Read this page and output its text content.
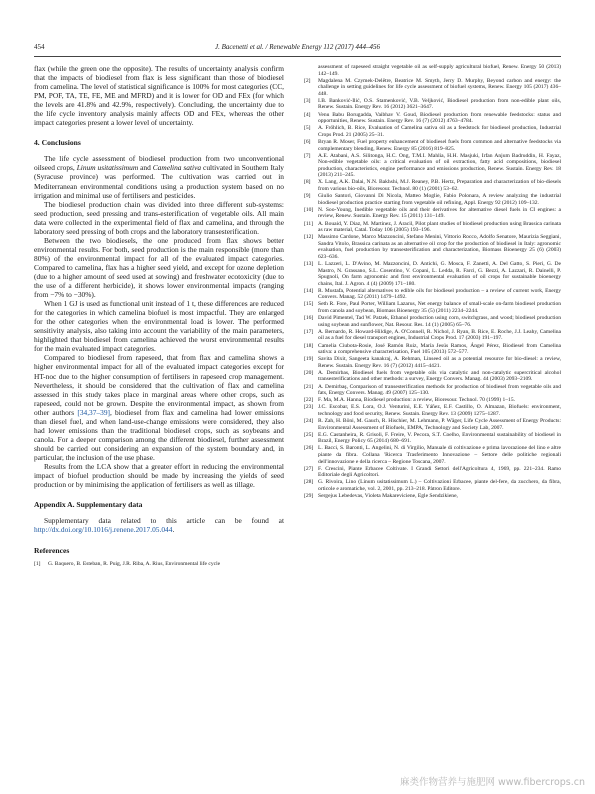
454	J. Bacenetti et al. / Renewable Energy 112 (2017) 444–456

flax (while the green one the opposite). The results of uncertainty analysis confirm that the impacts of biodiesel from flax is less significant than those of biodiesel from camelina. The level of statistical significance is 100% for most categories (CC, PM, POF, TA, TE, FE, ME and MFRD) and it is lower for OD and FEx (for which the levels are 41.8% and 42.9%, respectively). Concluding, the uncertainty due to the life cycle inventory analysis mainly affects OD and FEx, whereas the other impact categories present a lower level of uncertainty.

4. Conclusions

The life cycle assessment of biodiesel production from two unconventional oilseed crops, Linum usitatissimum and Camelina sativa cultivated in Southern Italy (Syracuse province) was performed. The cultivation was carried out in Mediterranean environmental conditions using a production system based on no irrigation and minimal use of fertilisers and pesticides.

The biodiesel production chain was divided into three different sub-systems: seed production, seed pressing and trans-esterification of vegetable oils. All main data were collected in the experimental field of flax and camelina, and through the laboratory seed pressing of both crops and the laboratory transesterification.

Between the two biodiesels, the one produced from flax shows better environmental results. For both, seed production is the main responsible (more than 80%) of the environmental impact for all of the evaluated impact categories. Compared to camelina, flax has a higher seed yield, and except for ozone depletion (due to a higher amount of seed used at sowing) and freshwater ecotoxicity (due to the use of a different herbicide), it shows lower environmental impacts (ranging from −7% to −30%).

When 1 GJ is used as functional unit instead of 1 t, these differences are reduced for the categories in which camelina biofuel is most impactful. They are enlarged for the other categories when the environmental load is lower. The performed sensitivity analysis, also taking into account the variability of the main parameters, highlighted that biodiesel from camelina achieved the worst environmental results for the main evaluated impact categories.

Compared to biodiesel from rapeseed, that from flax and camelina shows a higher environmental impact for all of the evaluated impact categories except for HT-noc due to the higher consumption of fertilisers in rapeseed crop management. Nevertheless, it should be considered that the cultivation of flax and camelina assessed in this study takes place in marginal areas where other crops, such as rapeseed, could not be grown. Despite the environmental impact, as shown from other authors [34,37–39], biodiesel from flax and camelina had lower emissions than diesel fuel, and when land-use-change emissions were considered, they also had lower emissions than the traditional biodiesel crops, such as soybeans and canola. For a deeper comparison among the different biodiesel, further assessment should be carried out considering an expansion of the system boundary and, in particular, the inclusion of the use phase.

Results from the LCA show that a greater effort in reducing the environmental impact of biofuel production should be made by increasing the yields of seed production or by minimising the application of fertilisers as well as tillage.

Appendix A. Supplementary data

Supplementary data related to this article can be found at http://dx.doi.org/10.1016/j.renene.2017.05.044.

References
[1] G. Baquero, B. Esteban, R. Puig, J.R. Riba, A. Rius, Environmental life cycle
assessment of rapeseed straight vegetable oil as self-supply agricultural biofuel, Renew. Energy 50 (2013) 142–149.
[2] Magdalena M. Czymek-Delêtre, Beatrice M. Smyth, Jerry D. Murphy, Beyond carbon and energy: the challenge in setting guidelines for life cycle assessment of biofuel systems, Renew. Energy 105 (2017) 436–448.
[3] I.B. Banković-Ilić, O.S. Stamenković, V.B. Veljković, Biodiesel production from non-edible plant oils, Renew. Sustain. Energy Rev. 16 (2012) 3621–3647.
[4] Venu Babu Borugadda, Vaibhav V. Goud, Biodiesel production from renewable feedstocks: status and opportunities, Renew. Sustain. Energy Rev. 16 (7) (2012) 4763–4784.
[5] A. Fröhlich, B. Rice, Evaluation of Camelina sativa oil as a feedstock for biodiesel production, Industrial Crops Prod. 21 (2005) 25–31.
[6] Bryan R. Moser, Fuel property enhancement of biodiesel fuels from common and alternative feedstocks via complementary blending, Renew. Energy 85 (2016) 819–825.
[7] A.E. Atabani, A.S. Silitonga, H.C. Ong, T.M.I. Mahlia, H.H. Masjuki, Irfan Anjum Badruddin, H. Fayaz, Non-edible vegetable oils: a critical evaluation of oil extraction, fatty acid compositions, biodiesel production, characteristics, engine performance and emissions production, Renew. Sustain. Energy Rev. 18 (2013) 211–245.
[8] X. Lang, A.K. Dalai, N.N. Bakhshi, M.J. Reaney, P.B. Hertz, Preparation and characterization of bio-diesels from various bio-oils, Bioresour. Technol. 80 (1) (2001) 53–62.
[9] Giulio Santori, Giovanni Di Nicola, Matteo Moglie, Fabio Polonara, A review analyzing the industrial biodiesel production practice starting from vegetable oil refining, Appl. Energy 92 (2012) 109–132.
[10] N. Soo-Young, Inedible vegetable oils and their derivatives for alternative diesel fuels in CI engines: a review, Renew. Sustain. Energy Rev. 15 (2011) 131–149.
[11] A. Bouaid, Y. Diaz, M. Martinez, J. Aracil, Pilot plant studies of biodiesel production using Brassica carinata as raw material, Catal. Today 106 (2005) 193–196.
[12] Massimo Cardone, Marco Mazzoncini, Stefano Menini, Vittorio Rocco, Adolfo Senatore, Maurizia Seggiani, Sandra Vitolo, Brassica carinata as an alternative oil crop for the production of biodiesel in Italy: agronomic evaluation, fuel production by transesterification and characterization, Biomass Bioenergy 25 (6) (2003) 623–636.
[13] L. Lazzeri, L. D'Avino, M. Mazzoncini, D. Antichi, G. Mosca, F. Zanetti, A. Del Gatto, S. Pieri, G. De Mastro, N. Grassano, S.L. Cosentino, V. Copani, L. Ledda, R. Farci, G. Bezzi, A. Lazzari, R. Dainelli, P. Spugnoli, On farm agronomic and first environmental evaluation of oil crops for sustainable bioenergy chains, Ital. J. Agron. 4 (4) (2009) 171–180.
[14] R. Mustafa, Potential alternatives to edible oils for biodiesel production – a review of current work, Energy Convers. Manag. 52 (2011) 1479–1492.
[15] Seth R. Fore, Paul Porter, William Lazarus, Net energy balance of small-scale on-farm biodiesel production from canola and soybean, Biomass Bioenergy 35 (5) (2011) 2234–2244.
[16] David Pimentel, Tad W. Patzek, Ethanol production using corn, switchgrass, and wood; biodiesel production using soybean and sunflower, Nat. Resour. Res. 14 (1) (2005) 65–76.
[17] A. Bernardo, R. Howard-Hildige, A. O'Connell, R. Nichol, J. Ryan, B. Rice, E. Roche, J.J. Leahy, Camelina oil as a fuel for diesel transport engines, Industrial Crops Prod. 17 (2003) 191–197.
[18] Camelia Ciubota-Rosie, José Ramón Ruiz, María Jesús Ramos, Ángel Pérez, Biodiesel from Camelina sativa: a comprehensive characterisation, Fuel 105 (2013) 572–577.
[19] Savita Dixit, Sangeeta kanakraj, A. Rehman, Linseed oil as a potential resource for bio-diesel: a review, Renew. Sustain. Energy Rev. 16 (7) (2012) 4415–4421.
[20] A. Demirbas, Biodiesel fuels from vegetable oils via catalytic and non-catalytic supercritical alcohol transesterifications and other methods: a survey, Energy Convers. Manag. 44 (2003) 2093–2109.
[21] A. Demirbaş, Comparison of transesterification methods for production of biodiesel from vegetable oils and fats, Energy Convers. Manag. 49 (2007) 125–130.
[22] F. Ma, M.A. Hanna, Biodiesel production: a review, Bioresour. Technol. 70 (1999) 1–15.
[23] J.C. Escobar, E.S. Lora, O.J. Venturini, E.E. Yáñez, E.F. Castillo, O. Almazan, Biofuels: environment, technology and food security, Renew. Sustain. Energy Rev. 13 (2009) 1275–1287.
[24] R. Zah, H. Böni, M. Gauch, R. Hischier, M. Lehmann, P. Wäger, Life Cycle Assessment of Energy Products: Environmental Assessment of Biofuels, EMPA, Technology and Society Lab, 2007.
[25] E.G. Castanheira, R. Grisoli, F. Freire, V. Pecora, S.T. Coelho, Environmental sustainability of biodiesel in Brazil, Energy Policy 65 (2014) 680–691.
[26] L. Bacci, S. Baronti, L. Angelini, N. di Virgilio, Manuale di coltivazione e prima lavorazione del lino e altre piante da fibra. Collana 'Ricerca Trasferimento Innovazione – Settore delle politiche regionali dell'innovazione e della ricerca – Regione Toscana, 2007.
[27] F. Crescini, Piante Erbacee Coltivate. I Grandi Settori dell'Agricoltura 4, 1969, pp. 221–234. Ramo Editoriale degli Agricoltori.
[28] G. Rivoira, Lino (Linum usitatissimum L.) – Coltivazioni Erbacee, piante del-fere, da zucchero, da fibra, orticole e aromatiche, vol. 2, 2001, pp. 213–218. Pàtron Editore.
[29] Sergejus Lebedevas, Violeta Makareviciene, Egle Sendzikiene,
麻类作物营养与施肥网 www.fibercrops.cn
